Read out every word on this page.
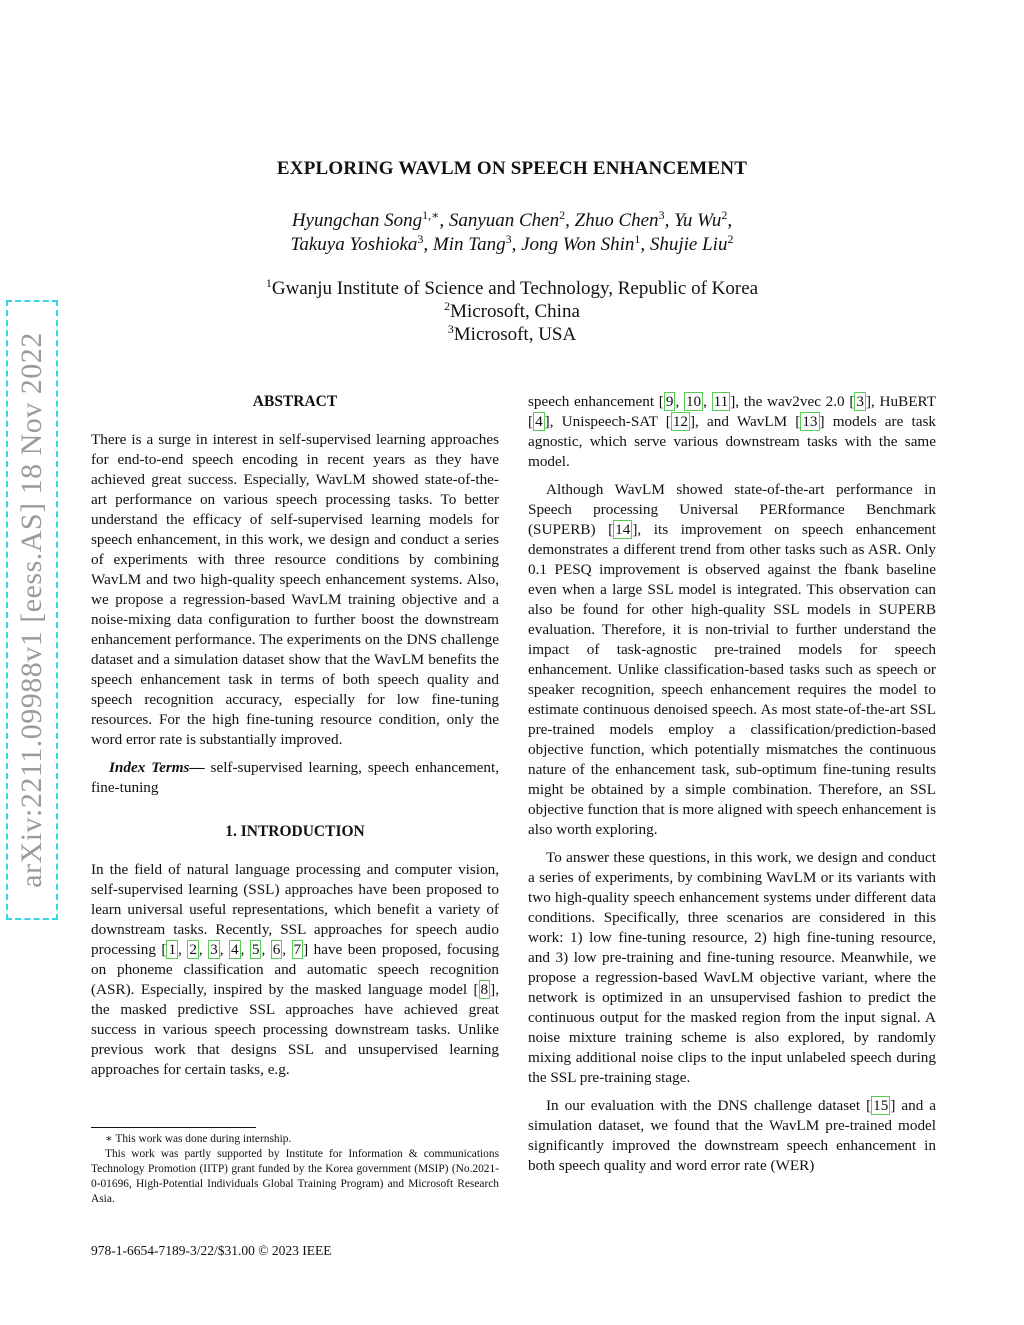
arXiv:2211.09988v1 [eess.AS] 18 Nov 2022
EXPLORING WAVLM ON SPEECH ENHANCEMENT
Hyungchan Song$^{1,∗}$, Sanyuan Chen$^2$, Zhuo Chen$^3$, Yu Wu$^2$,
Takuya Yoshioka$^3$, Min Tang$^3$, Jong Won Shin$^1$, Shujie Liu$^2$
$^1$Gwanju Institute of Science and Technology, Republic of Korea
$^2$Microsoft, China
$^3$Microsoft, USA
ABSTRACT

There is a surge in interest in self-supervised learning approaches for end-to-end speech encoding in recent years as they have achieved great success. Especially, WavLM showed state-of-the-art performance on various speech processing tasks. To better understand the efficacy of self-supervised learning models for speech enhancement, in this work, we design and conduct a series of experiments with three resource conditions by combining WavLM and two high-quality speech enhancement systems. Also, we propose a regression-based WavLM training objective and a noise-mixing data configuration to further boost the downstream enhancement performance. The experiments on the DNS challenge dataset and a simulation dataset show that the WavLM benefits the speech enhancement task in terms of both speech quality and speech recognition accuracy, especially for low fine-tuning resources. For the high fine-tuning resource condition, only the word error rate is substantially improved.

Index Terms— self-supervised learning, speech enhancement, fine-tuning

1. INTRODUCTION

In the field of natural language processing and computer vision, self-supervised learning (SSL) approaches have been proposed to learn universal useful representations, which benefit a variety of downstream tasks. Recently, SSL approaches for speech audio processing [ 1 , 2 , 3 , 4 , 5 , 6 , 7 ] have been proposed, focusing on phoneme classification and automatic speech recognition (ASR). Especially, inspired by the masked language model [ 8 ], the masked predictive SSL approaches have achieved great success in various speech processing downstream tasks. Unlike previous work that designs SSL and unsupervised learning approaches for certain tasks, e.g.

speech enhancement [ 9 , 10 , 11 ], the wav2vec 2.0 [ 3 ], HuBERT [ 4 ], Unispeech-SAT [ 12 ], and WavLM [ 13 ] models are task agnostic, which serve various downstream tasks with the same model.

Although WavLM showed state-of-the-art performance in Speech processing Universal PERformance Benchmark (SUPERB) [ 14 ], its improvement on speech enhancement demonstrates a different trend from other tasks such as ASR. Only 0.1 PESQ improvement is observed against the fbank baseline even when a large SSL model is integrated. This observation can also be found for other high-quality SSL models in SUPERB evaluation. Therefore, it is non-trivial to further understand the impact of task-agnostic pre-trained models for speech enhancement. Unlike classification-based tasks such as speech or speaker recognition, speech enhancement requires the model to estimate continuous denoised speech. As most state-of-the-art SSL pre-trained models employ a classification/prediction-based objective function, which potentially mismatches the continuous nature of the enhancement task, sub-optimum fine-tuning results might be obtained by a simple combination. Therefore, an SSL objective function that is more aligned with speech enhancement is also worth exploring.

To answer these questions, in this work, we design and conduct a series of experiments, by combining WavLM or its variants with two high-quality speech enhancement systems under different data conditions. Specifically, three scenarios are considered in this work: 1) low fine-tuning resource, 2) high fine-tuning resource, and 3) low pre-training and fine-tuning resource. Meanwhile, we propose a regression-based WavLM objective variant, where the network is optimized in an unsupervised fashion to predict the continuous output for the masked region from the input signal. A noise mixture training scheme is also explored, by randomly mixing additional noise clips to the input unlabeled speech during the SSL pre-training stage.

In our evaluation with the DNS challenge dataset [ 15 ] and a simulation dataset, we found that the WavLM pre-trained model significantly improved the downstream speech enhancement in both speech quality and word error rate (WER)

∗ This work was done during internship.

This work was partly supported by Institute for Information & communications Technology Promotion (IITP) grant funded by the Korea government (MSIP) (No.2021-0-01696, High-Potential Individuals Global Training Program) and Microsoft Research Asia.

978-1-6654-7189-3/22/$31.00 © 2023 IEEE
